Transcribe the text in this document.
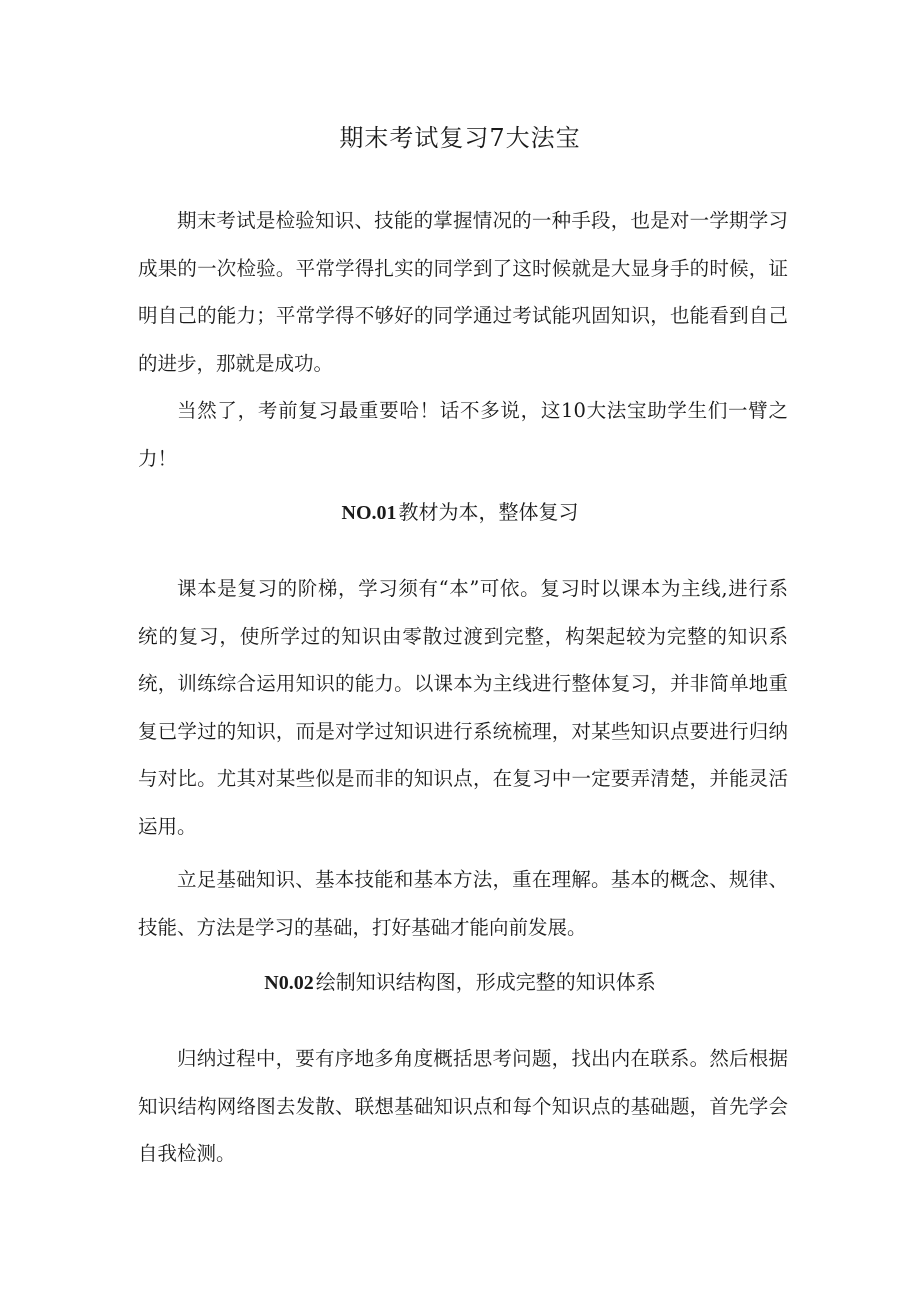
期末考试复习7大法宝

期末考试是检验知识、技能的掌握情况的一种手段，也是对一学期学习成果的一次检验。平常学得扎实的同学到了这时候就是大显身手的时候，证明自己的能力；平常学得不够好的同学通过考试能巩固知识，也能看到自己的进步，那就是成功。

当然了，考前复习最重要哈！话不多说，这10大法宝助学生们一臂之力！

NO.01 教材为本，整体复习

课本是复习的阶梯，学习须有“本”可依。复习时以课本为主线,进行系统的复习，使所学过的知识由零散过渡到完整，构架起较为完整的知识系统，训练综合运用知识的能力。以课本为主线进行整体复习，并非简单地重复已学过的知识，而是对学过知识进行系统梳理，对某些知识点要进行归纳与对比。尤其对某些似是而非的知识点，在复习中一定要弄清楚，并能灵活运用。

立足基础知识、基本技能和基本方法，重在理解。基本的概念、规律、技能、方法是学习的基础，打好基础才能向前发展。

N0.02 绘制知识结构图，形成完整的知识体系

归纳过程中，要有序地多角度概括思考问题，找出内在联系。然后根据知识结构网络图去发散、联想基础知识点和每个知识点的基础题，首先学会自我检测。
